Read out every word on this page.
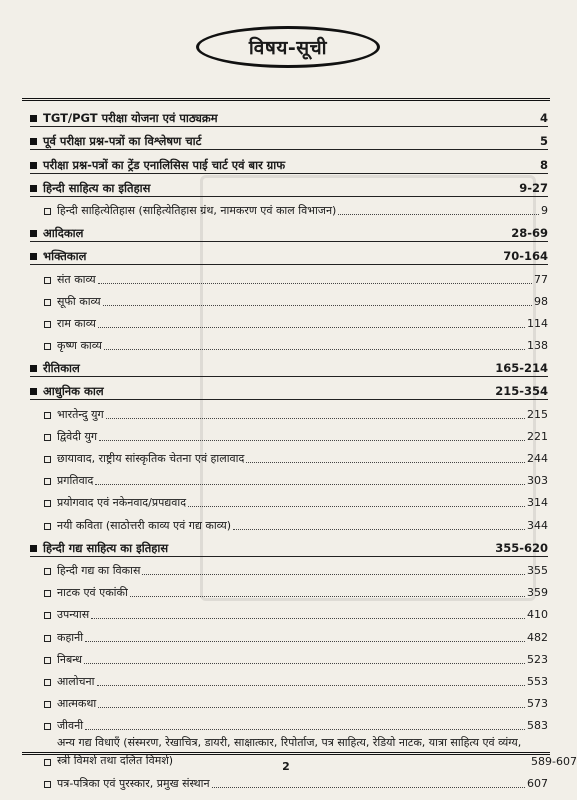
विषय-सूची
TGT/PGT परीक्षा योजना एवं पाठ्यक्रम	4
पूर्व परीक्षा प्रश्न-पत्रों का विश्लेषण चार्ट	5
परीक्षा प्रश्न-पत्रों का ट्रेंड एनालिसिस पाई चार्ट एवं बार ग्राफ	8
हिन्दी साहित्य का इतिहास	9-27
हिन्दी साहित्येतिहास (साहित्येतिहास ग्रंथ, नामकरण एवं काल विभाजन)	9
आदिकाल	28-69
भक्तिकाल	70-164
संत काव्य	77
सूफी काव्य	98
राम काव्य	114
कृष्ण काव्य	138
रीतिकाल	165-214
आधुनिक काल	215-354
भारतेन्दु युग	215
द्विवेदी युग	221
छायावाद, राष्ट्रीय सांस्कृतिक चेतना एवं हालावाद	244
प्रगतिवाद	303
प्रयोगवाद एवं नकेनवाद/प्रपद्यवाद	314
नयी कविता (साठोत्तरी काव्य एवं गद्य काव्य)	344
हिन्दी गद्य साहित्य का इतिहास	355-620
हिन्दी गद्य का विकास	355
नाटक एवं एकांकी	359
उपन्यास	410
कहानी	482
निबन्ध	523
आलोचना	553
आत्मकथा	573
जीवनी	583
अन्य गद्य विधाएँ (संस्मरण, रेखाचित्र, डायरी, साक्षात्कार, रिपोर्ताज, पत्र साहित्य, रेडियो नाटक, यात्रा साहित्य एवं व्यंग्य, स्त्री विमर्श तथा दलित विमर्श)	589-607
पत्र-पत्रिका एवं पुरस्कार, प्रमुख संस्थान	607
2
